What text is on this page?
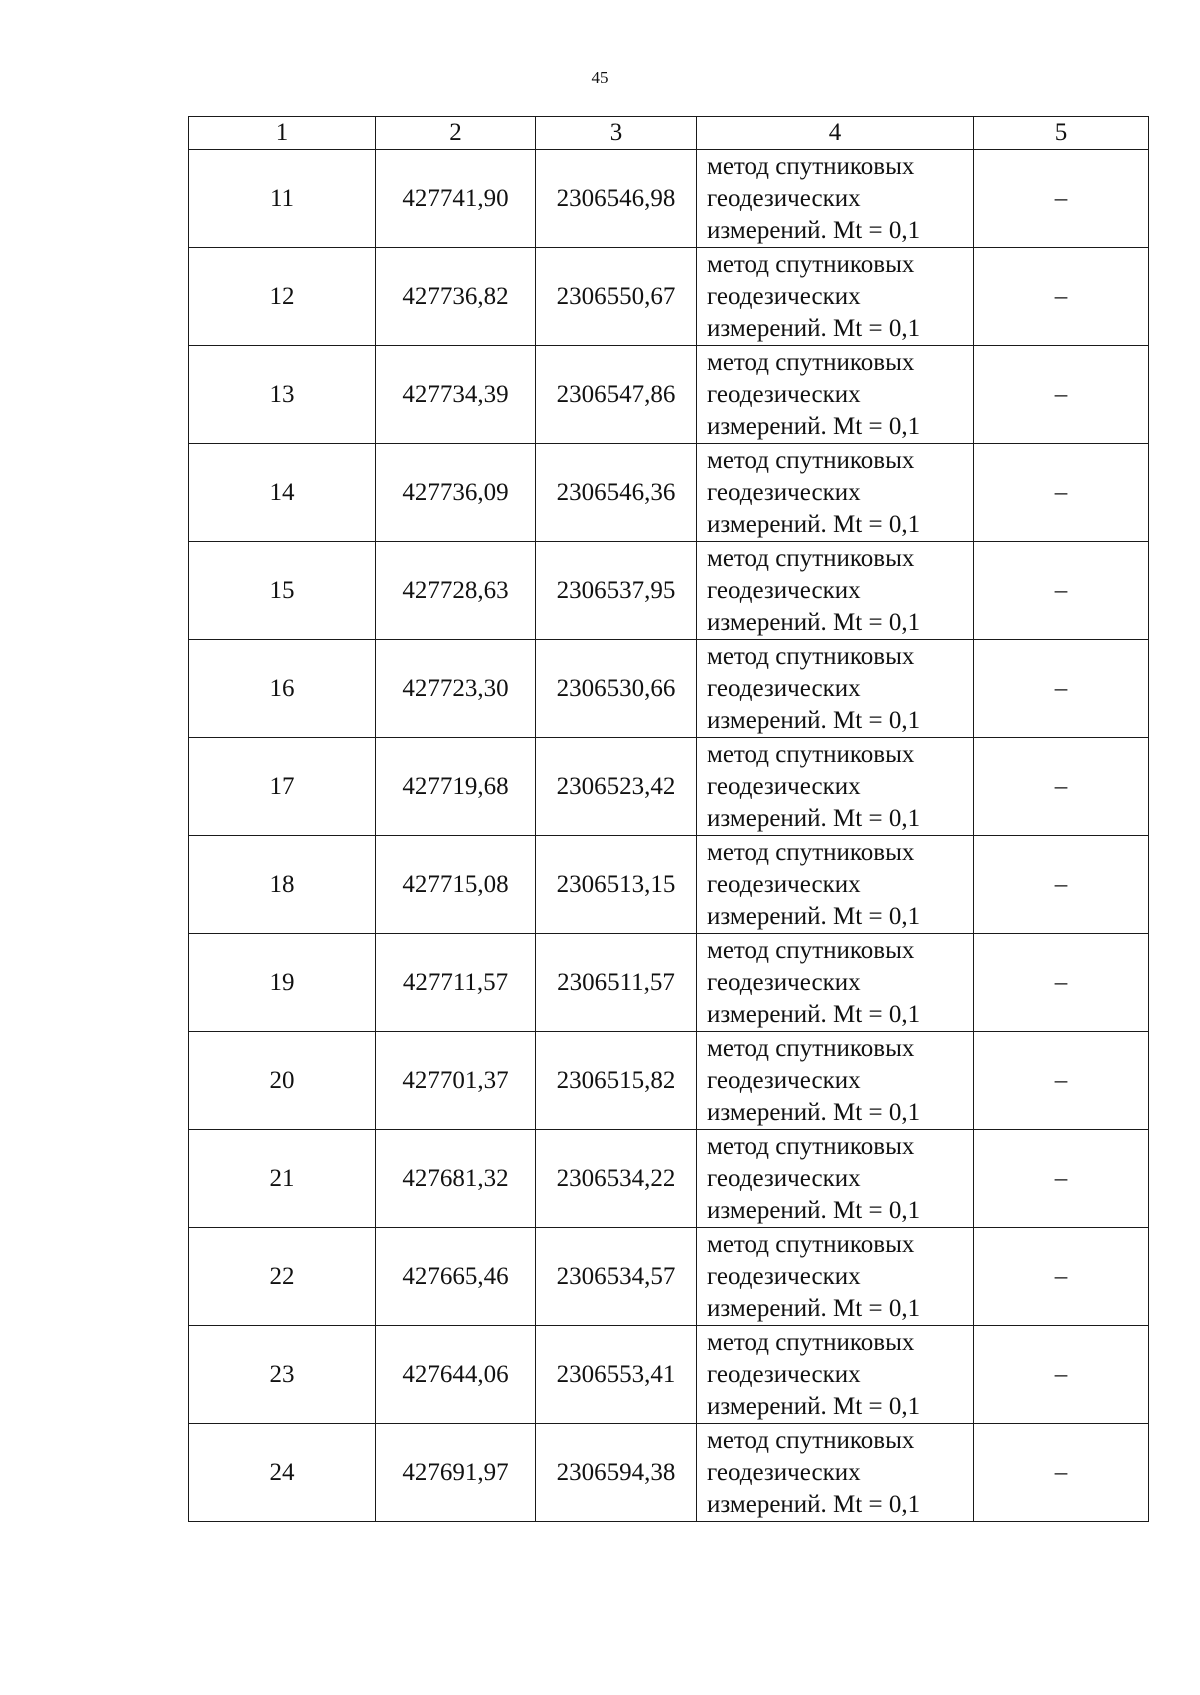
45
1	2	3	4	5
11	427741,90	2306546,98	метод спутниковых
геодезических
измерений. Mt = 0,1	–
12	427736,82	2306550,67	метод спутниковых
геодезических
измерений. Mt = 0,1	–
13	427734,39	2306547,86	метод спутниковых
геодезических
измерений. Mt = 0,1	–
14	427736,09	2306546,36	метод спутниковых
геодезических
измерений. Mt = 0,1	–
15	427728,63	2306537,95	метод спутниковых
геодезических
измерений. Mt = 0,1	–
16	427723,30	2306530,66	метод спутниковых
геодезических
измерений. Mt = 0,1	–
17	427719,68	2306523,42	метод спутниковых
геодезических
измерений. Mt = 0,1	–
18	427715,08	2306513,15	метод спутниковых
геодезических
измерений. Mt = 0,1	–
19	427711,57	2306511,57	метод спутниковых
геодезических
измерений. Mt = 0,1	–
20	427701,37	2306515,82	метод спутниковых
геодезических
измерений. Mt = 0,1	–
21	427681,32	2306534,22	метод спутниковых
геодезических
измерений. Mt = 0,1	–
22	427665,46	2306534,57	метод спутниковых
геодезических
измерений. Mt = 0,1	–
23	427644,06	2306553,41	метод спутниковых
геодезических
измерений. Mt = 0,1	–
24	427691,97	2306594,38	метод спутниковых
геодезических
измерений. Mt = 0,1	–
